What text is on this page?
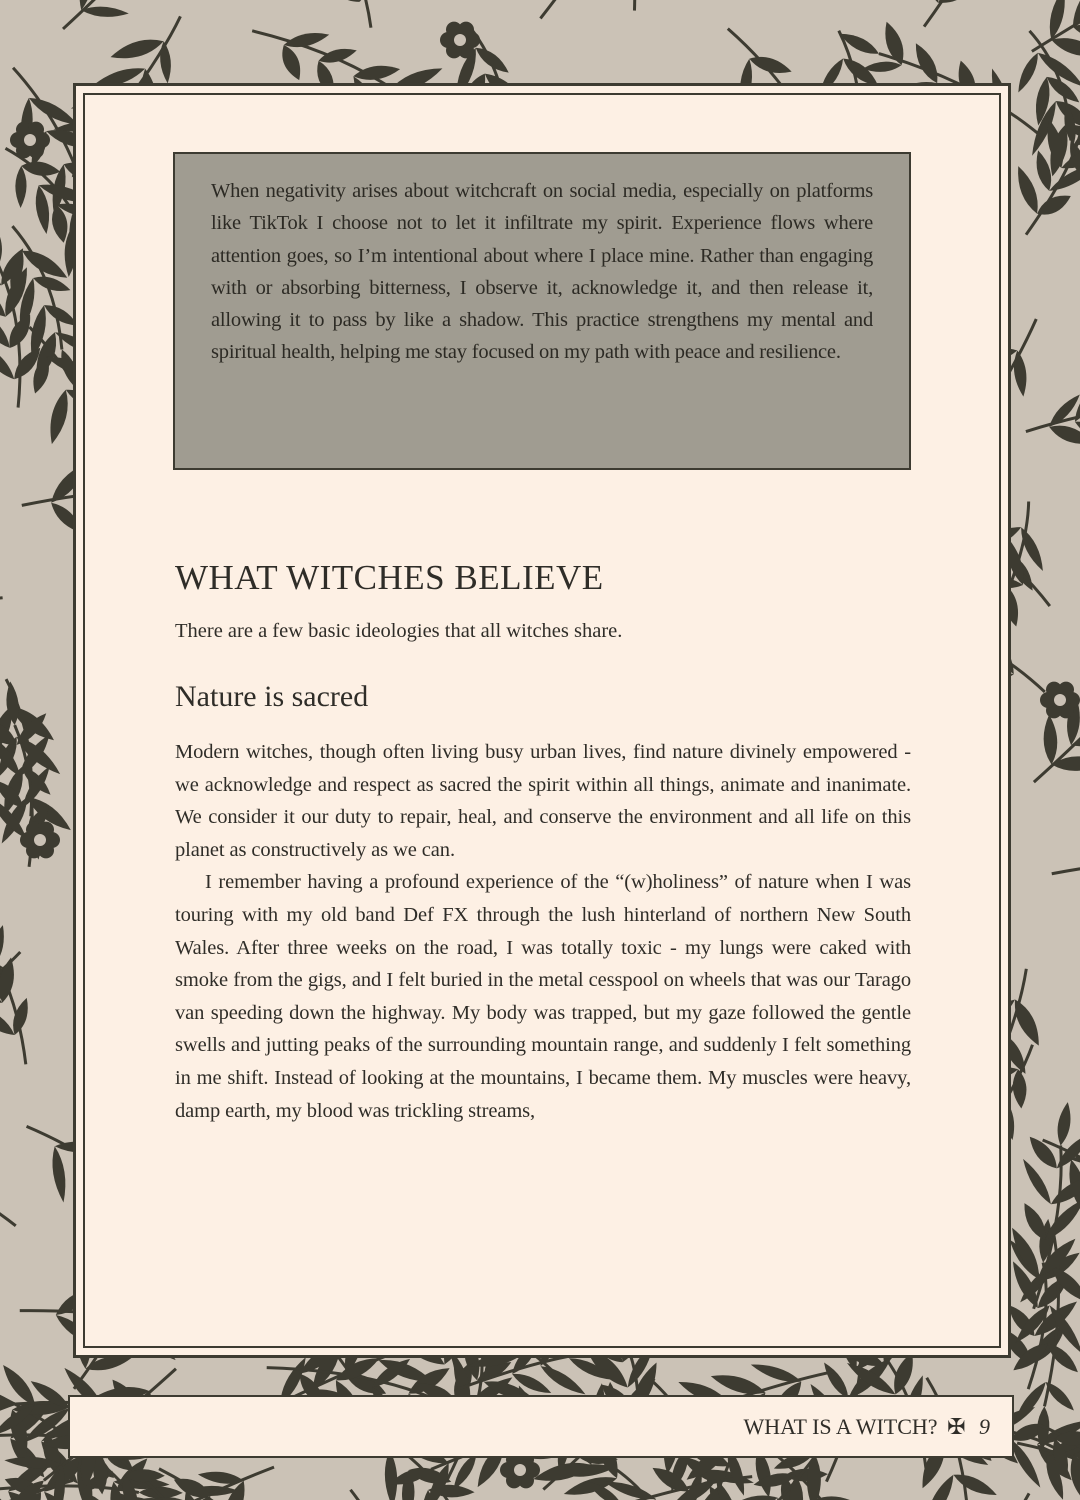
When negativity arises about witchcraft on social media, especially on platforms like TikTok I choose not to let it infiltrate my spirit. Experience flows where attention goes, so I’m intentional about where I place mine. Rather than engaging with or absorbing bitterness, I observe it, acknowledge it, and then release it, allowing it to pass by like a shadow. This practice strengthens my mental and spiritual health, helping me stay focused on my path with peace and resilience.

WHAT WITCHES BELIEVE

There are a few basic ideologies that all witches share.

Nature is sacred

Modern witches, though often living busy urban lives, find nature divinely empowered - we acknowledge and respect as sacred the spirit within all things, animate and inanimate. We consider it our duty to repair, heal, and conserve the environment and all life on this planet as constructively as we can.

I remember having a profound experience of the “(w)holiness” of nature when I was touring with my old band Def FX through the lush hinterland of northern New South Wales. After three weeks on the road, I was totally toxic - my lungs were caked with smoke from the gigs, and I felt buried in the metal cesspool on wheels that was our Tarago van speeding down the highway. My body was trapped, but my gaze followed the gentle swells and jutting peaks of the surrounding mountain range, and suddenly I felt something in me shift. Instead of looking at the mountains, I became them. My muscles were heavy, damp earth, my blood was trickling streams,

WHAT IS A WITCH? ✠ 9
